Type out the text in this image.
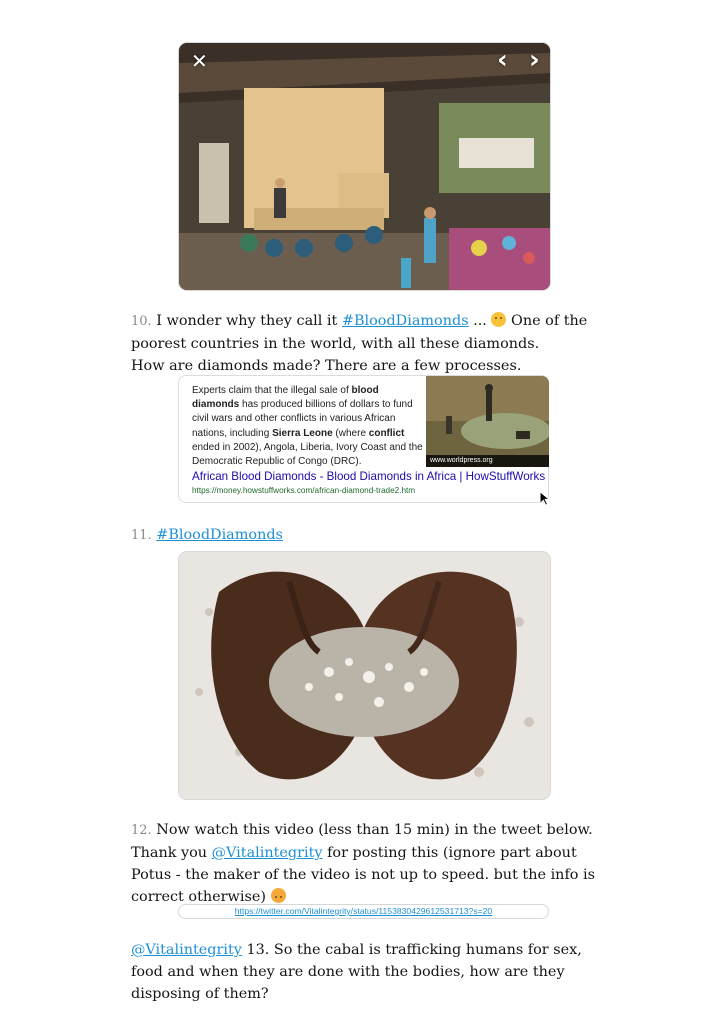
✕	‹ ›
10. I wonder why they call it #BloodDiamonds ...
One of the poorest countries in the world, with all these diamonds.
How are diamonds made? There are a few processes.
Experts claim that the illegal sale of blood diamonds has produced billions of dollars to fund civil wars and other conflicts in various African nations, including Sierra Leone (where conflict ended in 2002), Angola, Liberia, Ivory Coast and the Democratic Republic of Congo (DRC).	www.worldpress.org
African Blood Diamonds - Blood Diamonds in Africa | HowStuffWorks
https://money.howstuffworks.com/african-diamond-trade2.htm
11. #BloodDiamonds
12. Now watch this video (less than 15 min) in the tweet below. Thank you @Vitalintegrity for posting this (ignore part about Potus - the maker of the video is not up to speed. but the info is correct otherwise)
https://twitter.com/Vitalintegrity/status/1153830429612531713?s=20
@Vitalintegrity 13. So the cabal is trafficking humans for sex, food and when they are done with the bodies, how are they disposing of them?
